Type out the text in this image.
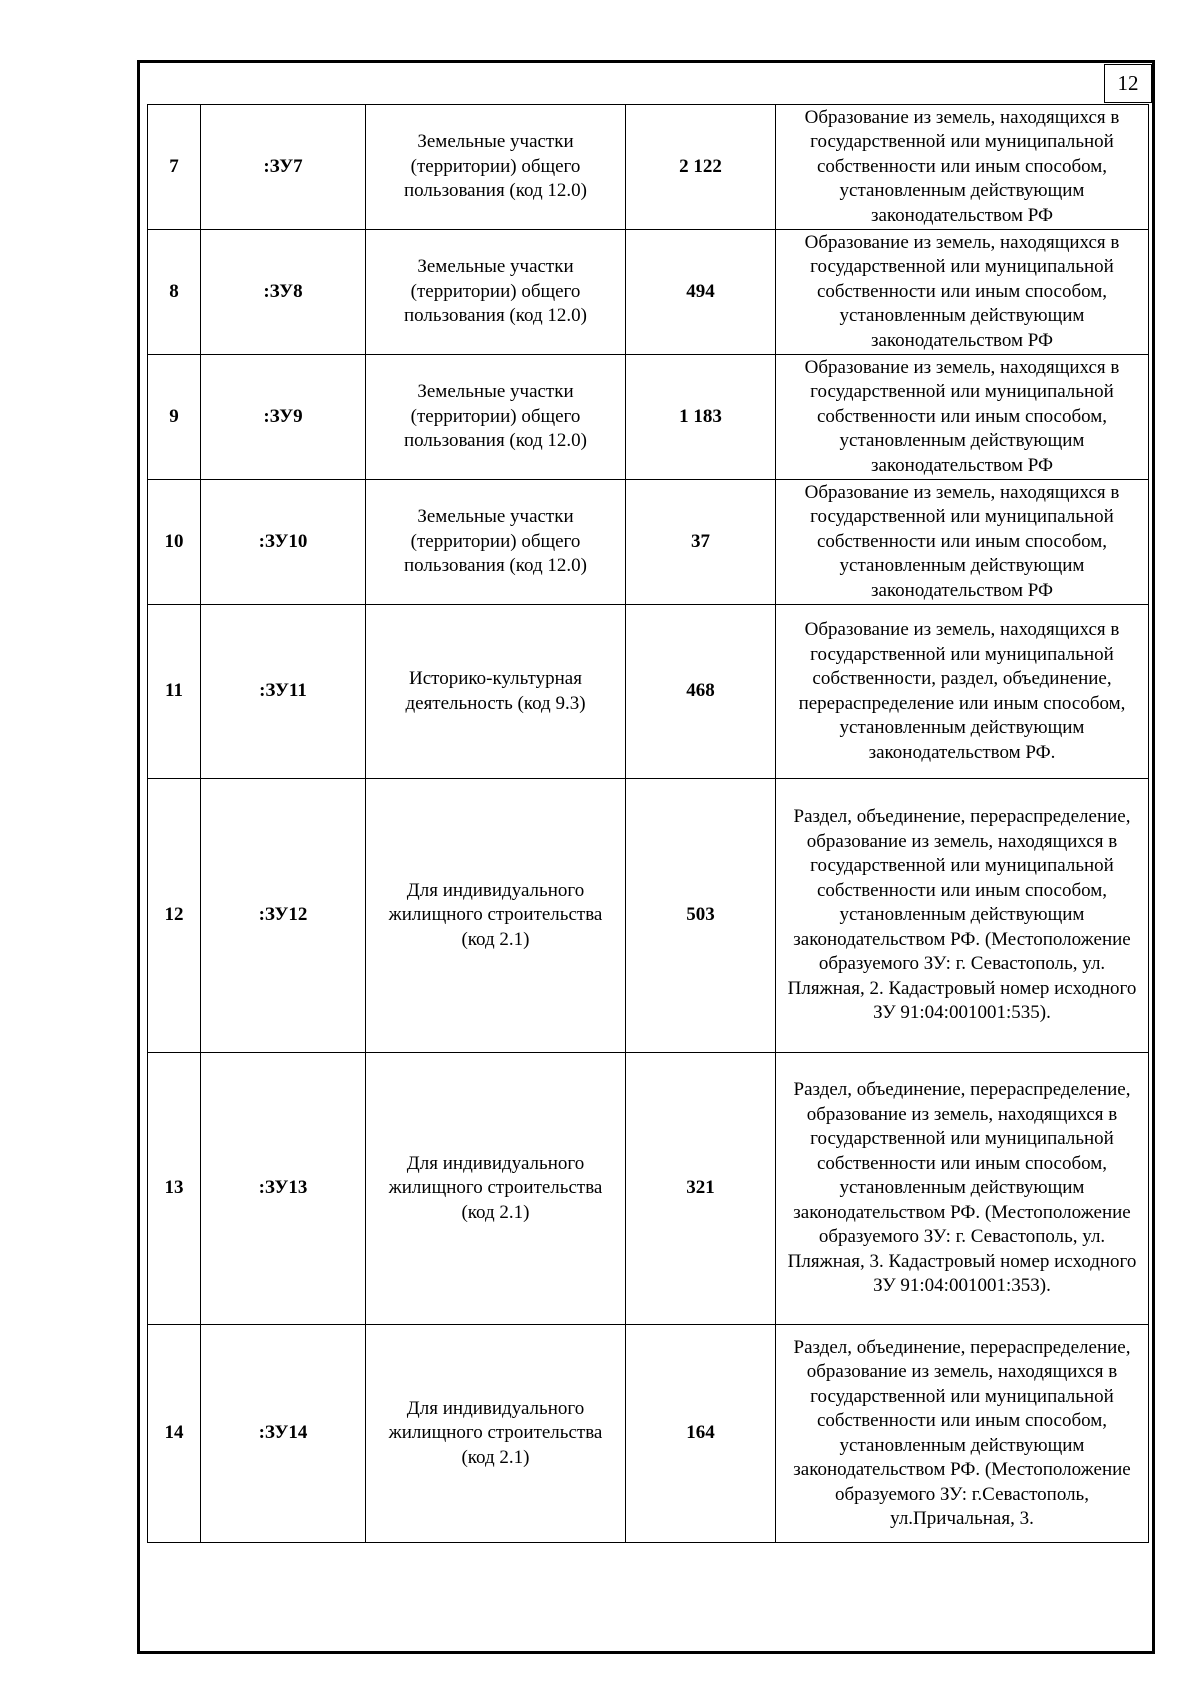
12
7	:ЗУ7	Земельные участки (территории) общего пользования (код 12.0)	2 122	Образование из земель, находящихся в государственной или муниципальной собственности или иным способом, установленным действующим законодательством РФ
8	:ЗУ8	Земельные участки (территории) общего пользования (код 12.0)	494	Образование из земель, находящихся в государственной или муниципальной собственности или иным способом, установленным действующим законодательством РФ
9	:ЗУ9	Земельные участки (территории) общего пользования (код 12.0)	1 183	Образование из земель, находящихся в государственной или муниципальной собственности или иным способом, установленным действующим законодательством РФ
10	:ЗУ10	Земельные участки (территории) общего пользования (код 12.0)	37	Образование из земель, находящихся в государственной или муниципальной собственности или иным способом, установленным действующим законодательством РФ
11	:ЗУ11	Историко-культурная деятельность (код 9.3)	468	Образование из земель, находящихся в государственной или муниципальной собственности, раздел, объединение, перераспределение или иным способом, установленным действующим законодательством РФ.
12	:ЗУ12	Для индивидуального жилищного строительства (код 2.1)	503	Раздел, объединение, перераспределение, образование из земель, находящихся в государственной или муниципальной собственности или иным способом, установленным действующим законодательством РФ. (Местоположение образуемого ЗУ: г. Севастополь, ул. Пляжная, 2. Кадастровый номер исходного ЗУ 91:04:001001:535).
13	:ЗУ13	Для индивидуального жилищного строительства (код 2.1)	321	Раздел, объединение, перераспределение, образование из земель, находящихся в государственной или муниципальной собственности или иным способом, установленным действующим законодательством РФ. (Местоположение образуемого ЗУ: г. Севастополь, ул. Пляжная, 3. Кадастровый номер исходного ЗУ 91:04:001001:353).
14	:ЗУ14	Для индивидуального жилищного строительства (код 2.1)	164	Раздел, объединение, перераспределение, образование из земель, находящихся в государственной или муниципальной собственности или иным способом, установленным действующим законодательством РФ. (Местоположение образуемого ЗУ: г.Севастополь, ул.Причальная, 3.
